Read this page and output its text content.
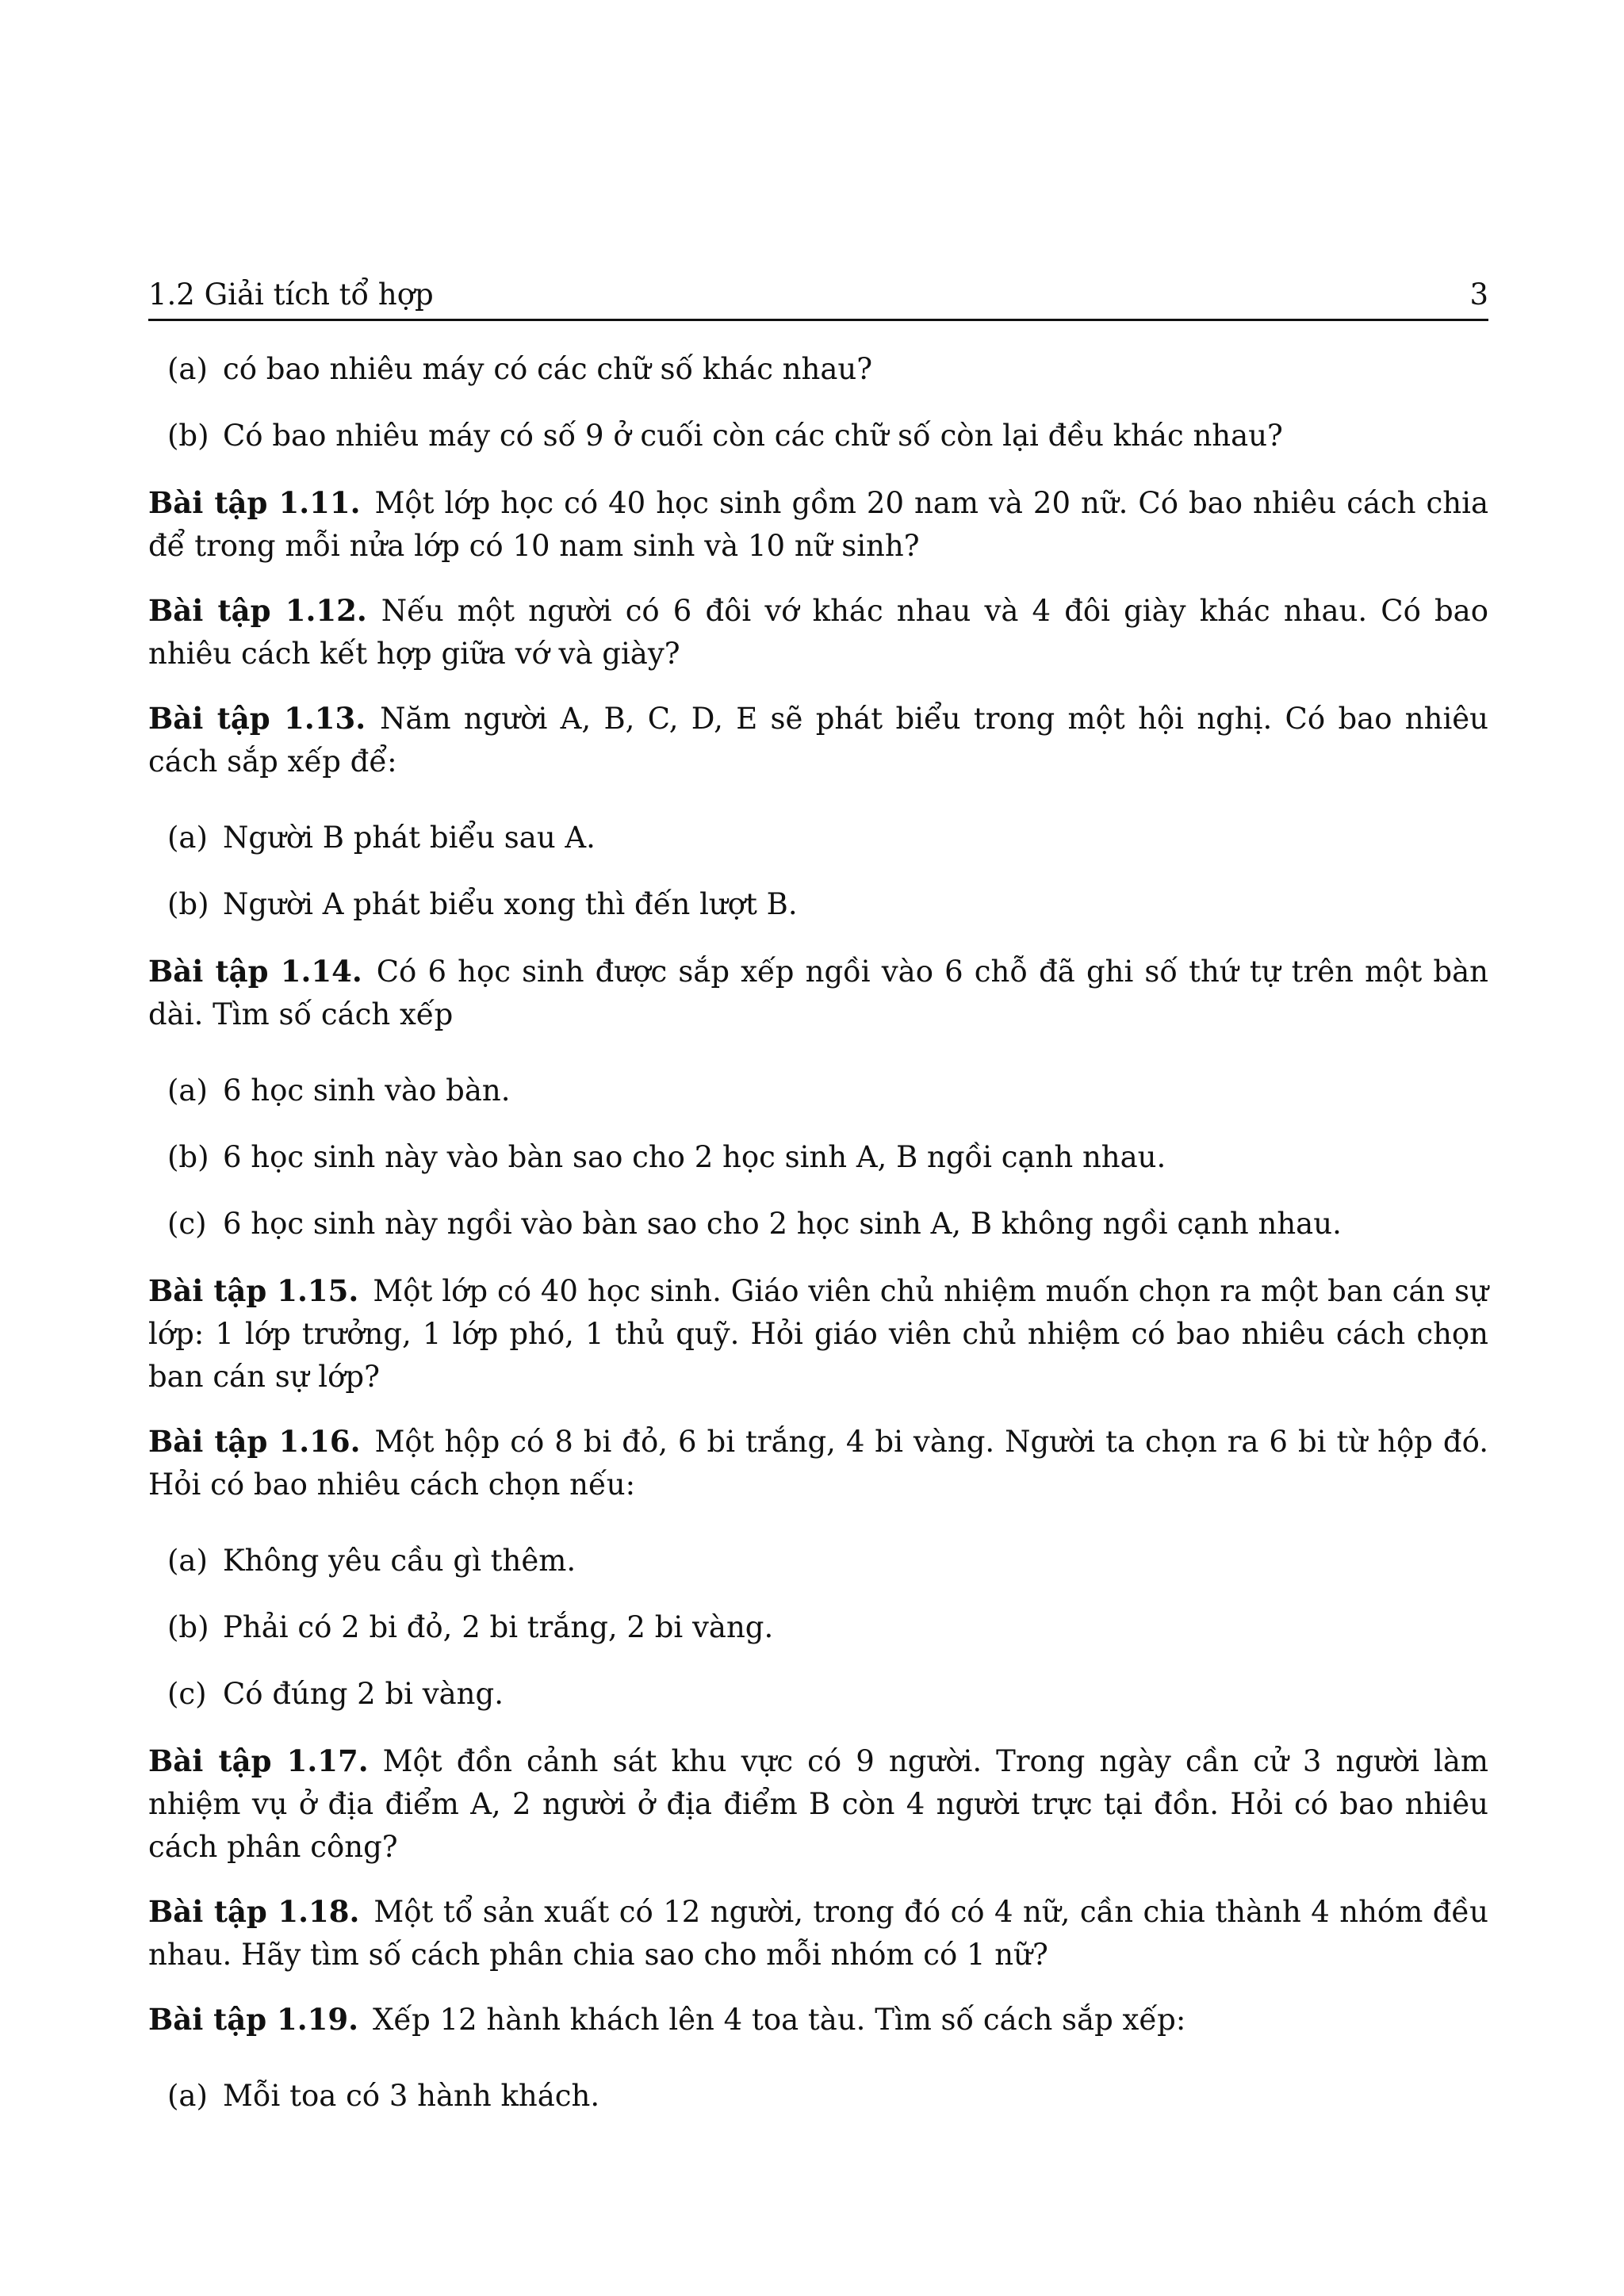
1.2 Giải tích tổ hợp	3
(a) có bao nhiêu máy có các chữ số khác nhau?
(b) Có bao nhiêu máy có số 9 ở cuối còn các chữ số còn lại đều khác nhau?

Bài tập 1.11. Một lớp học có 40 học sinh gồm 20 nam và 20 nữ. Có bao nhiêu cách chia để trong mỗi nửa lớp có 10 nam sinh và 10 nữ sinh?

Bài tập 1.12. Nếu một người có 6 đôi vớ khác nhau và 4 đôi giày khác nhau. Có bao nhiêu cách kết hợp giữa vớ và giày?

Bài tập 1.13. Năm người A, B, C, D, E sẽ phát biểu trong một hội nghị. Có bao nhiêu cách sắp xếp để:

(a) Người B phát biểu sau A.
(b) Người A phát biểu xong thì đến lượt B.

Bài tập 1.14. Có 6 học sinh được sắp xếp ngồi vào 6 chỗ đã ghi số thứ tự trên một bàn dài. Tìm số cách xếp

(a) 6 học sinh vào bàn.
(b) 6 học sinh này vào bàn sao cho 2 học sinh A, B ngồi cạnh nhau.
(c) 6 học sinh này ngồi vào bàn sao cho 2 học sinh A, B không ngồi cạnh nhau.

Bài tập 1.15. Một lớp có 40 học sinh. Giáo viên chủ nhiệm muốn chọn ra một ban cán sự lớp: 1 lớp trưởng, 1 lớp phó, 1 thủ quỹ. Hỏi giáo viên chủ nhiệm có bao nhiêu cách chọn ban cán sự lớp?

Bài tập 1.16. Một hộp có 8 bi đỏ, 6 bi trắng, 4 bi vàng. Người ta chọn ra 6 bi từ hộp đó. Hỏi có bao nhiêu cách chọn nếu:

(a) Không yêu cầu gì thêm.
(b) Phải có 2 bi đỏ, 2 bi trắng, 2 bi vàng.
(c) Có đúng 2 bi vàng.

Bài tập 1.17. Một đồn cảnh sát khu vực có 9 người. Trong ngày cần cử 3 người làm nhiệm vụ ở địa điểm A, 2 người ở địa điểm B còn 4 người trực tại đồn. Hỏi có bao nhiêu cách phân công?

Bài tập 1.18. Một tổ sản xuất có 12 người, trong đó có 4 nữ, cần chia thành 4 nhóm đều nhau. Hãy tìm số cách phân chia sao cho mỗi nhóm có 1 nữ?

Bài tập 1.19. Xếp 12 hành khách lên 4 toa tàu. Tìm số cách sắp xếp:

(a) Mỗi toa có 3 hành khách.
